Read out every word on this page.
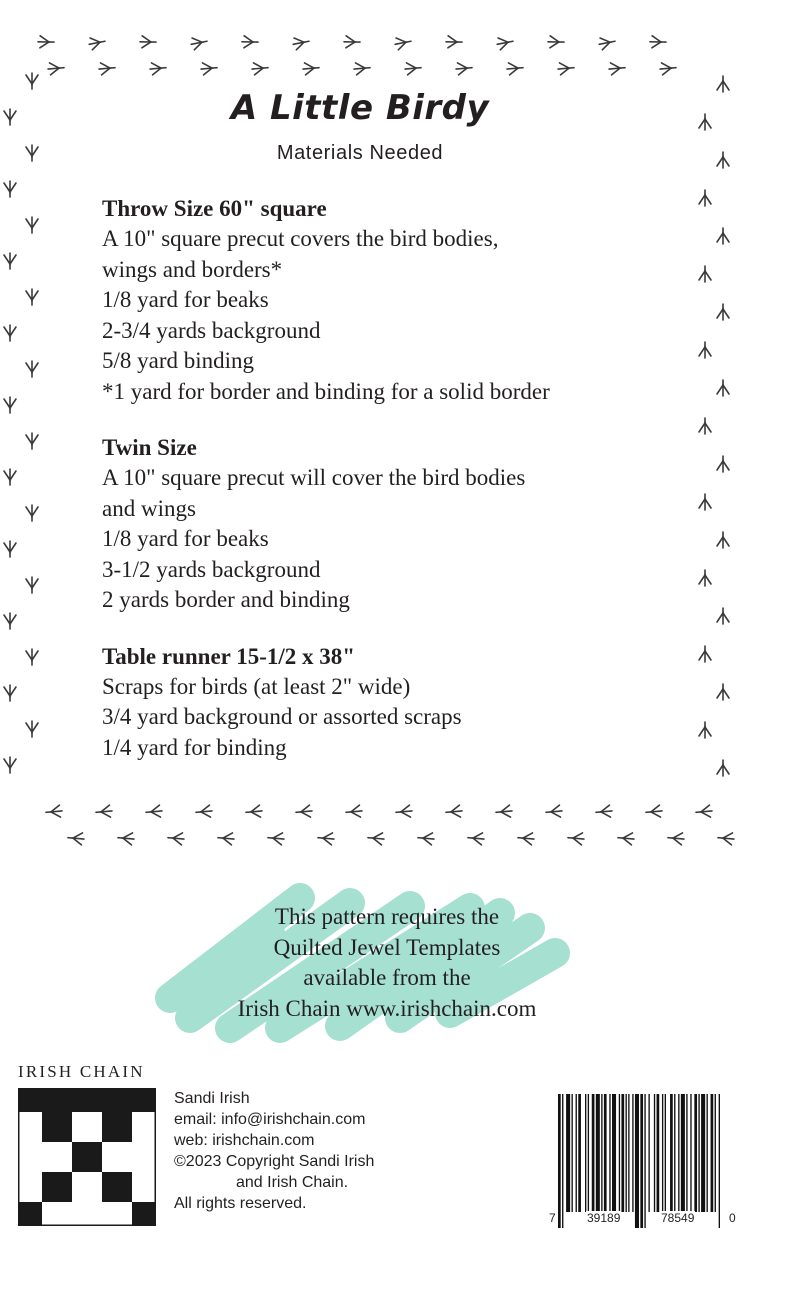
A Little Birdy
Materials Needed
Throw Size 60" square
A 10" square precut covers the bird bodies,
wings and borders*
1/8 yard for beaks
2-3/4 yards background
5/8 yard binding
*1 yard for border and binding for a solid border
Twin Size
A 10" square precut will cover the bird bodies
and wings
1/8 yard for beaks
3-1/2 yards background
2 yards border and binding
Table runner 15-1/2 x 38"
Scraps for birds (at least 2" wide)
3/4 yard background or assorted scraps
1/4 yard for binding
This pattern requires the
Quilted Jewel Templates
available from the
Irish Chain www.irishchain.com
IRISH CHAIN
Sandi Irish
email: info@irishchain.com
web: irishchain.com
©2023 Copyright Sandi Irish
and Irish Chain.
All rights reserved.
7	39189	78549	0
